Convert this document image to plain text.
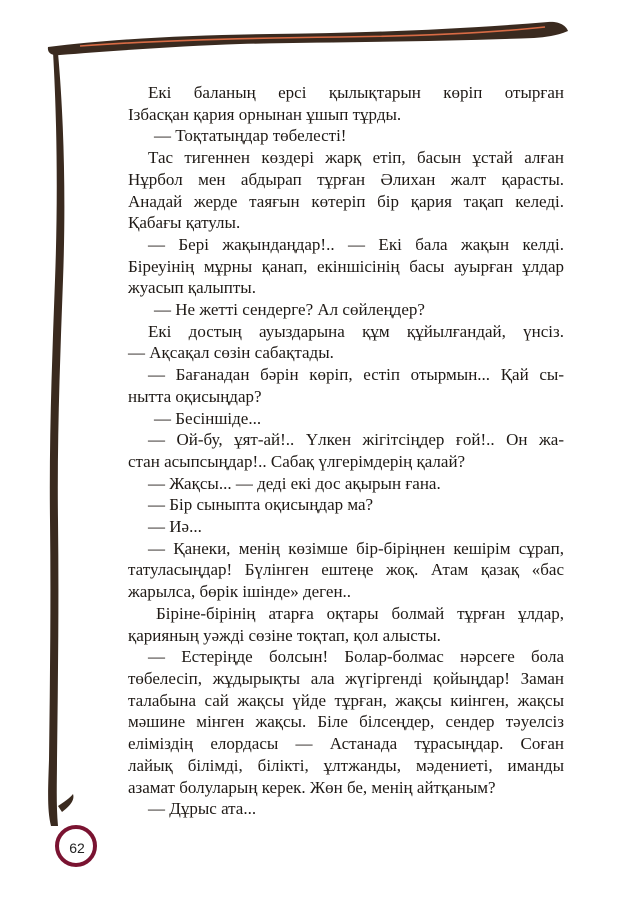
Екі баланың ерсі қылықтарын көріп отырған
Ізбасқан қария орнынан ұшып тұрды.
— Тоқтатыңдар төбелесті!
Тас тигеннен көздері жарқ етіп, басын ұстай алған
Нұрбол мен абдырап тұрған Әлихан жалт қарасты.
Анадай жерде таяғын көтеріп бір қария тақап келеді.
Қабағы қатулы.
— Бері жақындаңдар!.. — Екі бала жақын келді.
Біреуінің мұрны қанап, екіншісінің басы ауырған ұлдар
жуасып қалыпты.
— Не жетті сендерге? Ал сөйлеңдер?
Екі достың ауыздарына құм құйылғандай, үнсіз.
— Ақсақал сөзін сабақтады.
— Бағанадан бәрін көріп, естіп отырмын... Қай сы-
нытта оқисыңдар?
— Бесіншіде...
— Ой-бу, ұят-ай!.. Үлкен жігітсіңдер ғой!.. Он жа-
стан асыпсыңдар!.. Сабақ үлгерімдерің қалай?
— Жақсы... — деді екі дос ақырын ғана.
— Бір сыныпта оқисыңдар ма?
— Иә...
— Қанеки, менің көзімше бір-біріңнен кешірім сұрап,
татуласыңдар! Бүлінген ештеңе жоқ. Атам қазақ «бас
жарылса, бөрік ішінде» деген..
Біріне-бірінің атарға оқтары болмай тұрған ұлдар,
қарияның уәжді сөзіне тоқтап, қол алысты.
— Естеріңде болсын! Болар-болмас нәрсеге бола
төбелесіп, жұдырықты ала жүгіргенді қойыңдар! Заман
талабына сай жақсы үйде тұрған, жақсы киінген, жақсы
мәшине мінген жақсы. Біле білсеңдер, сендер тәуелсіз
еліміздің елордасы — Астанада тұрасыңдар. Соған
лайық білімді, білікті, ұлтжанды, мәдениеті, иманды
азамат болуларың керек. Жөн бе, менің айтқаным?
— Дұрыс ата...
62
